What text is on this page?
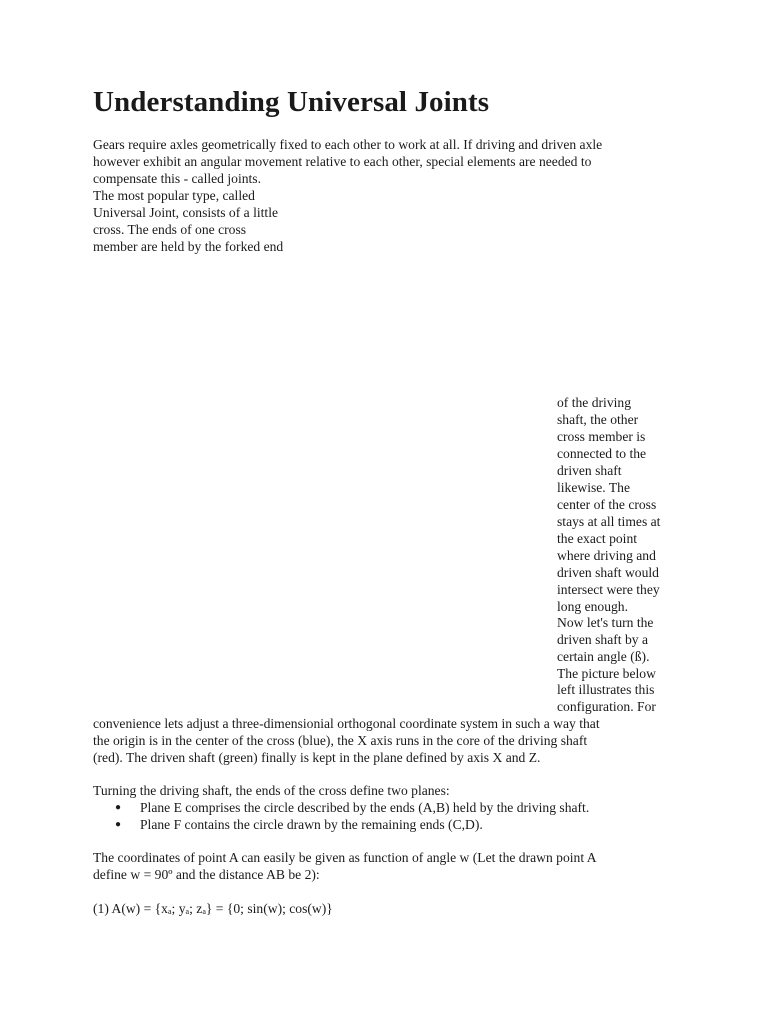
Understanding Universal Joints
Gears require axles geometrically fixed to each other to work at all. If driving and driven axle
however exhibit an angular movement relative to each other, special elements are needed to
compensate this - called joints.
The most popular type, called
Universal Joint, consists of a little
cross. The ends of one cross
member are held by the forked end
of the driving
shaft, the other
cross member is
connected to the
driven shaft
likewise. The
center of the cross
stays at all times at
the exact point
where driving and
driven shaft would
intersect were they
long enough.
Now let's turn the
driven shaft by a
certain angle (ß).
The picture below
left illustrates this
configuration. For
convenience lets adjust a three-dimensionial orthogonal coordinate system in such a way that
the origin is in the center of the cross (blue), the X axis runs in the core of the driving shaft
(red). The driven shaft (green) finally is kept in the plane defined by axis X and Z.
Turning the driving shaft, the ends of the cross define two planes:
● Plane E comprises the circle described by the ends (A,B) held by the driving shaft.
● Plane F contains the circle drawn by the remaining ends (C,D).
The coordinates of point A can easily be given as function of angle w (Let the drawn point A
define w = 90º and the distance AB be 2):
(1) $A(w) = \{x_a$; $y_a$; $z_a\} = \{0$; sin(w); cos(w)}
